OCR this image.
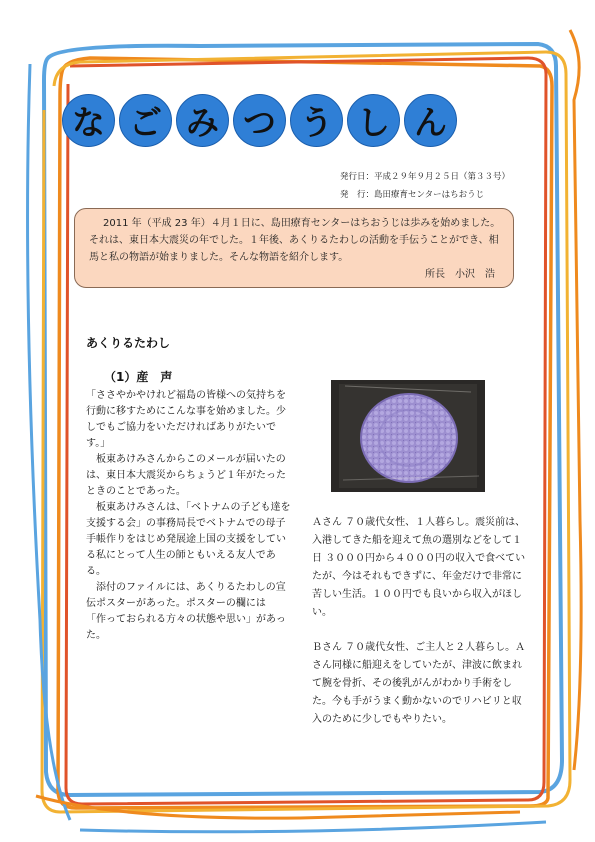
な ご み つ う し ん
発行日：平成２９年９月２５日（第３３号）
発　行：島田療育センターはちおうじ

2011 年（平成 23 年）４月１日に、島田療育センターはちおうじは歩みを始めました。それは、東日本大震災の年でした。１年後、あくりるたわしの活動を手伝うことができ、相馬と私の物語が始まりました。そんな物語を紹介します。

所長　小沢　浩
あくりるたわし
（1）産　声

「ささやかやけれど福島の皆様への気持ちを行動に移すためにこんな事を始めました。少しでもご協力をいただければありがたいです。」

　板東あけみさんからこのメールが届いたのは、東日本大震災からちょうど１年がたったときのことであった。

　板東あけみさんは、「ベトナムの子ども達を支援する会」の事務局長でベトナムでの母子手帳作りをはじめ発展途上国の支援をしている私にとって人生の師ともいえる友人である。

　添付のファイルには、あくりるたわしの宣伝ポスターがあった。ポスターの欄には

「作っておられる方々の状態や思い」があった。

Ａさん ７０歳代女性、１人暮らし。震災前は、入港してきた船を迎えて魚の選別などをして１日 ３０００円から４０００円の収入で食べていたが、今はそれもできずに、年金だけで非常に苦しい生活。１００円でも良いから収入がほしい。

Ｂさん ７０歳代女性、ご主人と２人暮らし。Ａさん同様に船迎えをしていたが、津波に飲まれて腕を骨折、その後乳がんがわかり手術をした。今も手がうまく動かないのでリハビリと収入のために少しでもやりたい。
